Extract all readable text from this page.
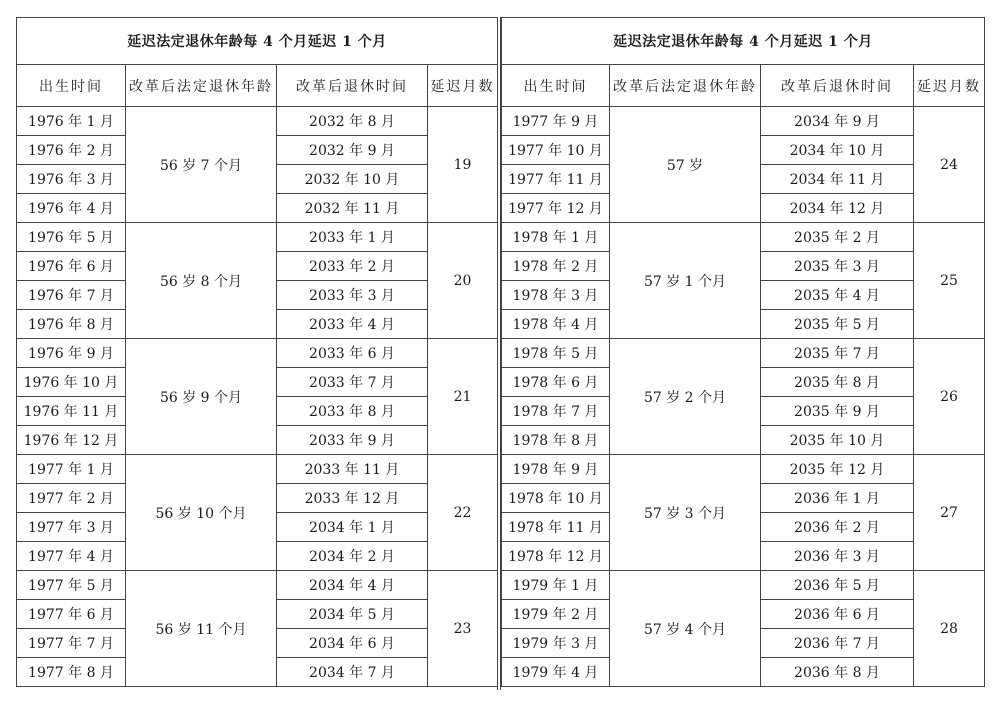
延迟法定退休年龄每 4 个月延迟 1 个月			
出生时间	改革后法定退休年龄	改革后退休时间	延迟月数
1976 年 1 月	56 岁 7 个月	2032 年 8 月	19
1976 年 2 月		2032 年 9 月	
1976 年 3 月		2032 年 10 月	
1976 年 4 月		2032 年 11 月	
1976 年 5 月	56 岁 8 个月	2033 年 1 月	20
1976 年 6 月		2033 年 2 月	
1976 年 7 月		2033 年 3 月	
1976 年 8 月		2033 年 4 月	
1976 年 9 月	56 岁 9 个月	2033 年 6 月	21
1976 年 10 月		2033 年 7 月	
1976 年 11 月		2033 年 8 月	
1976 年 12 月		2033 年 9 月	
1977 年 1 月	56 岁 10 个月	2033 年 11 月	22
1977 年 2 月		2033 年 12 月	
1977 年 3 月		2034 年 1 月	
1977 年 4 月		2034 年 2 月	
1977 年 5 月	56 岁 11 个月	2034 年 4 月	23
1977 年 6 月		2034 年 5 月	
1977 年 7 月		2034 年 6 月	
1977 年 8 月		2034 年 7 月	
延迟法定退休年龄每 4 个月延迟 1 个月			
出生时间	改革后法定退休年龄	改革后退休时间	延迟月数
1977 年 9 月	57 岁	2034 年 9 月	24
1977 年 10 月		2034 年 10 月	
1977 年 11 月		2034 年 11 月	
1977 年 12 月		2034 年 12 月	
1978 年 1 月	57 岁 1 个月	2035 年 2 月	25
1978 年 2 月		2035 年 3 月	
1978 年 3 月		2035 年 4 月	
1978 年 4 月		2035 年 5 月	
1978 年 5 月	57 岁 2 个月	2035 年 7 月	26
1978 年 6 月		2035 年 8 月	
1978 年 7 月		2035 年 9 月	
1978 年 8 月		2035 年 10 月	
1978 年 9 月	57 岁 3 个月	2035 年 12 月	27
1978 年 10 月		2036 年 1 月	
1978 年 11 月		2036 年 2 月	
1978 年 12 月		2036 年 3 月	
1979 年 1 月	57 岁 4 个月	2036 年 5 月	28
1979 年 2 月		2036 年 6 月	
1979 年 3 月		2036 年 7 月	
1979 年 4 月		2036 年 8 月	
